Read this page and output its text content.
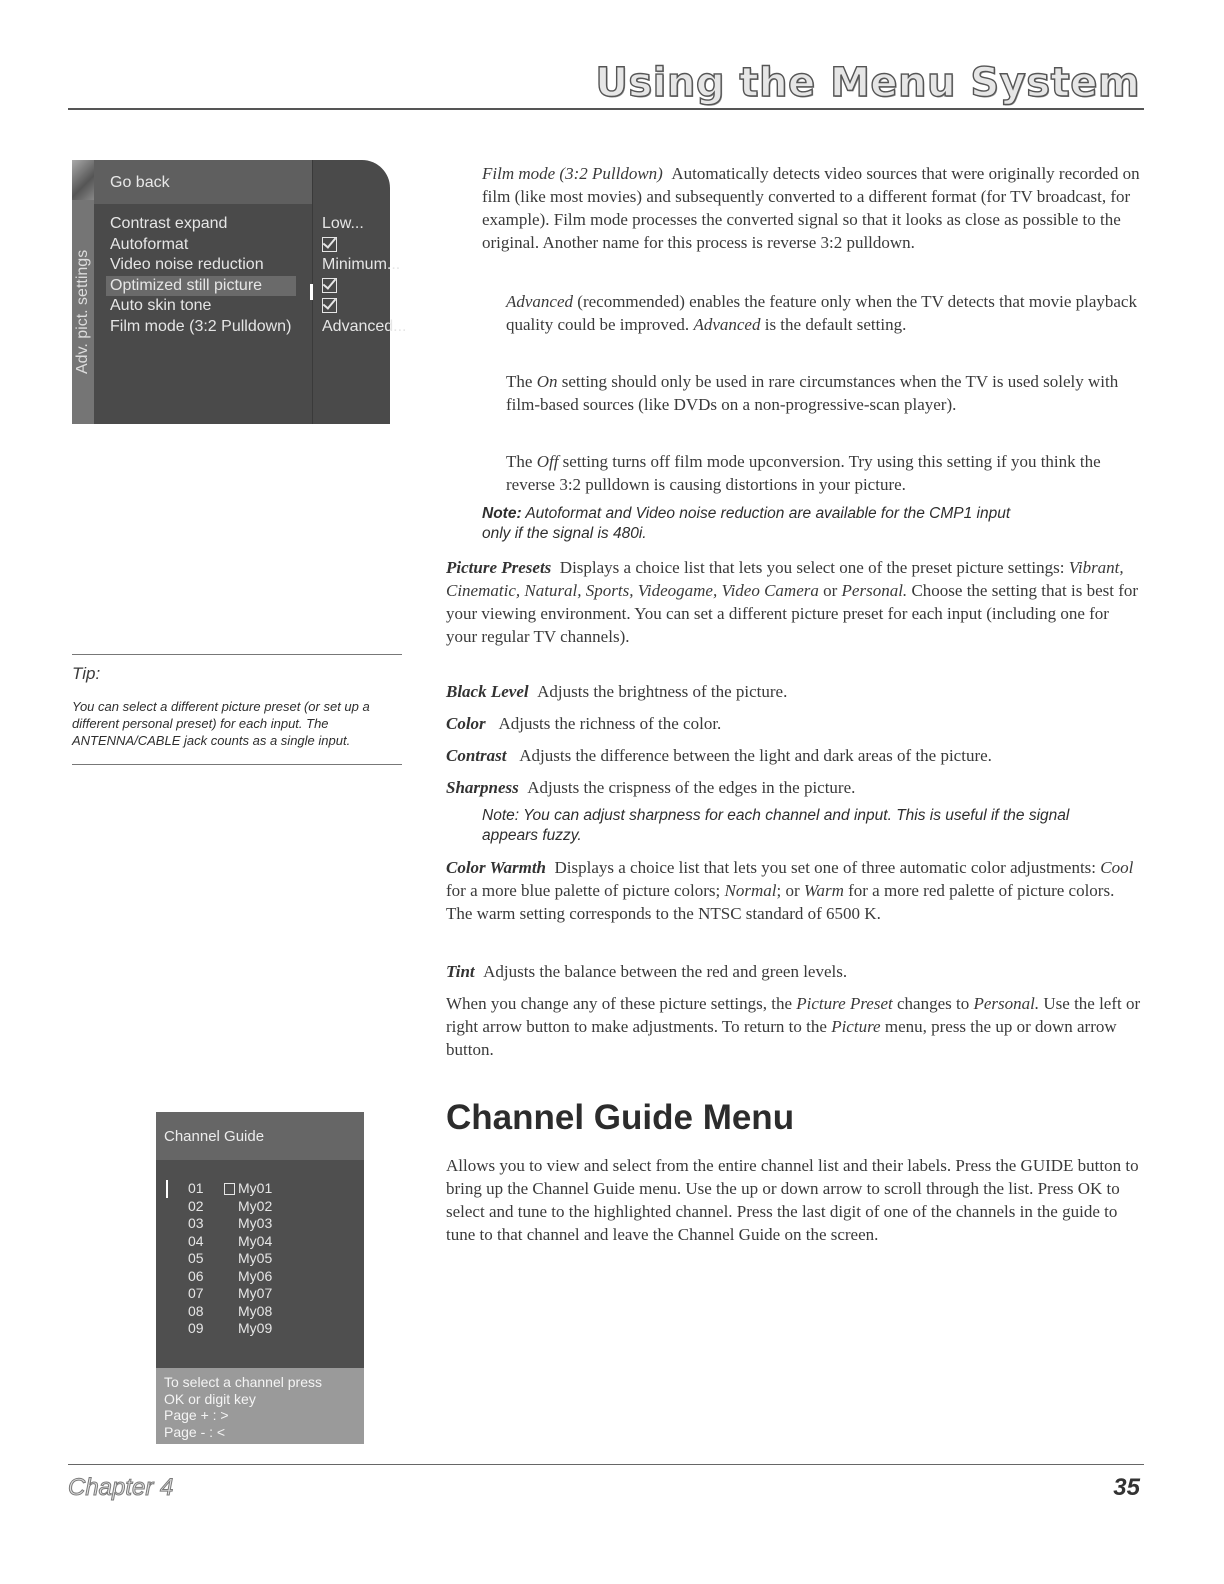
Using the Menu System
Adv. pict. settings
Go back
Contrast expand
Autoformat
Video noise reduction
Optimized still picture
Auto skin tone
Film mode (3:2 Pulldown)
Low...
Minimum...
Advanced...
Tip:
You can select a different picture preset (or set up a different personal preset) for each input. The ANTENNA/CABLE jack counts as a single input.
Film mode (3:2 Pulldown) Automatically detects video sources that were originally recorded on film (like most movies) and subsequently converted to a different format (for TV broadcast, for example). Film mode processes the converted signal so that it looks as close as possible to the original. Another name for this process is reverse 3:2 pulldown.
Advanced (recommended) enables the feature only when the TV detects that movie playback quality could be improved. Advanced is the default setting.
The On setting should only be used in rare circumstances when the TV is used solely with film-based sources (like DVDs on a non-progressive-scan player).
The Off setting turns off film mode upconversion. Try using this setting if you think the reverse 3:2 pulldown is causing distortions in your picture.
Note: Autoformat and Video noise reduction are available for the CMP1 input only if the signal is 480i.
Picture Presets Displays a choice list that lets you select one of the preset picture settings: Vibrant, Cinematic, Natural, Sports, Videogame, Video Camera or Personal. Choose the setting that is best for your viewing environment. You can set a different picture preset for each input (including one for your regular TV channels).
Black Level Adjusts the brightness of the picture.
Color Adjusts the richness of the color.
Contrast Adjusts the difference between the light and dark areas of the picture.
Sharpness Adjusts the crispness of the edges in the picture.
Note: You can adjust sharpness for each channel and input. This is useful if the signal appears fuzzy.
Color Warmth Displays a choice list that lets you set one of three automatic color adjustments: Cool for a more blue palette of picture colors; Normal; or Warm for a more red palette of picture colors. The warm setting corresponds to the NTSC standard of 6500 K.
Tint Adjusts the balance between the red and green levels.
When you change any of these picture settings, the Picture Preset changes to Personal. Use the left or right arrow button to make adjustments. To return to the Picture menu, press the up or down arrow button.
Channel Guide Menu
Allows you to view and select from the entire channel list and their labels. Press the GUIDE button to bring up the Channel Guide menu. Use the up or down arrow to scroll through the list. Press OK to select and tune to the highlighted channel. Press the last digit of one of the channels in the guide to tune to that channel and leave the Channel Guide on the screen.
Channel Guide
01 My01
02 My02
03 My03
04 My04
05 My05
06 My06
07 My07
08 My08
09 My09
To select a channel press
OK or digit key
Page + : >
Page - : <
Chapter 4	35
